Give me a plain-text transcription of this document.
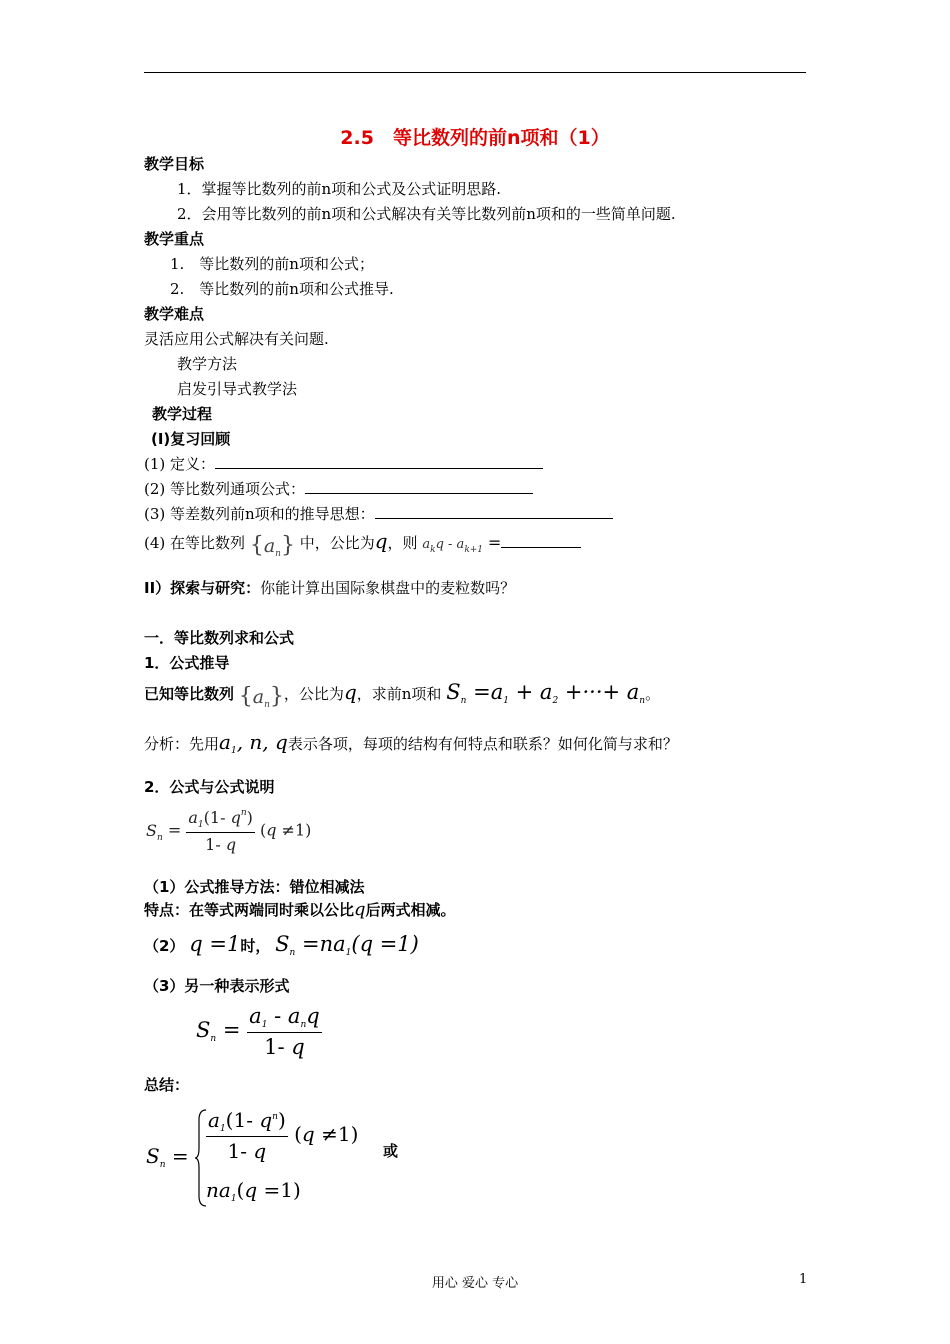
2.5　等比数列的前n项和（1）
教学目标
1．掌握等比数列的前n项和公式及公式证明思路.
2．会用等比数列的前n项和公式解决有关等比数列前n项和的一些简单问题.
教学重点
1.　等比数列的前n项和公式；
2.　等比数列的前n项和公式推导.
教学难点
灵活应用公式解决有关问题.
教学方法
启发引导式教学法
教学过程
(I)复习回顾
(1) 定义：
(2) 等比数列通项公式：
(3) 等差数列前n项和的推导思想：
(4) 在等比数列 $\{a_n\}$ 中，公比为q，则 $a_kq - a_{k+1}$ =
II）探索与研究：你能计算出国际象棋盘中的麦粒数吗？
一．等比数列求和公式
1．公式推导
已知等比数列 $\{a_n\}$，公比为q，求前n项和 $S_n =a_1 + a_2$ +···+ $a_n$。
分析：先用$a_1$, n, q表示各项，每项的结构有何特点和联系？如何化简与求和？
2．公式与公式说明
$S_n = \frac{a_1(1- q^n)}{1- q} (q \ne 1)$
（1）公式推导方法：错位相减法
特点：在等式两端同时乘以公比q后两式相减。
（2） q =1时， $S_n =na_1(q =1)$
（3）另一种表示形式
$S_n = \frac{a_1 - a_nq}{1- q}$
总结：
$S_n = \frac{a_1(1- q^n)}{1- q} (q \ne 1)$
$na_1(q =1)$
或
用心 爱心 专心	1
